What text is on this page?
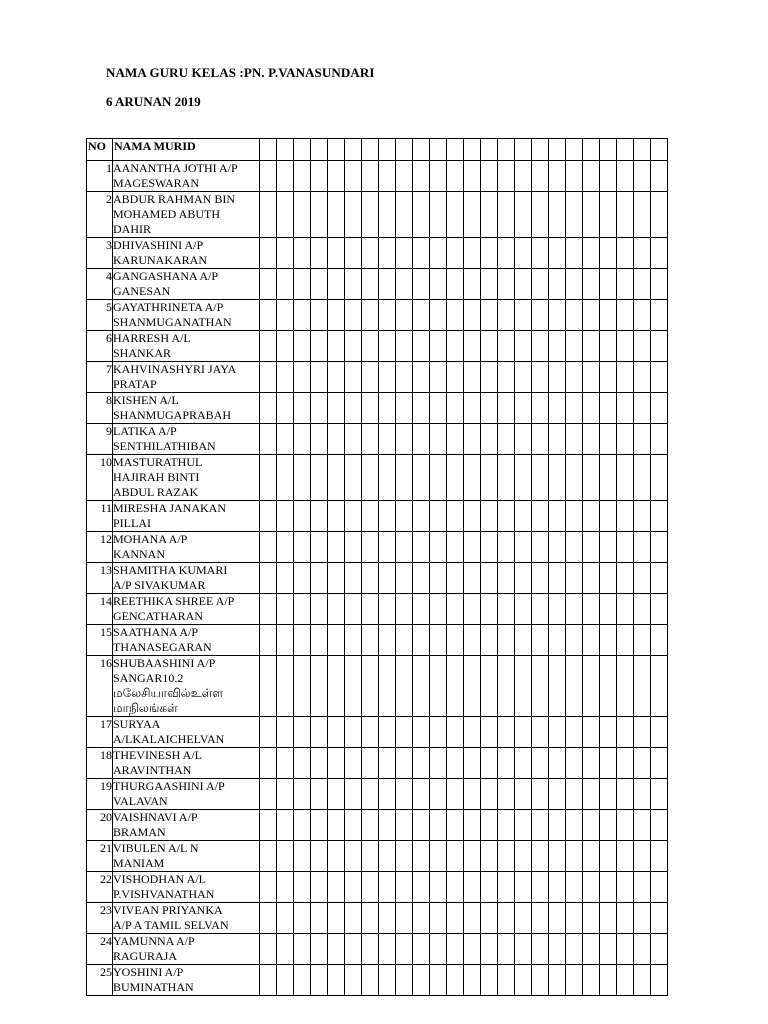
NAMA GURU KELAS :PN. P.VANASUNDARI
6 ARUNAN 2019
NO	NAMA MURID																								
1	AANANTHA JOTHI A/P
MAGESWARAN																								

2	ABDUR RAHMAN BIN
MOHAMED ABUTH
DAHIR																								

3	DHIVASHINI A/P
KARUNAKARAN																								

4	GANGASHANA A/P
GANESAN																								

5	GAYATHRINETA A/P
SHANMUGANATHAN																								

6	HARRESH A/L
SHANKAR																								

7	KAHVINASHYRI JAYA
PRATAP																								

8	KISHEN A/L
SHANMUGAPRABAH																								

9	LATIKA A/P
SENTHILATHIBAN																								

10	MASTURATHUL
HAJIRAH BINTI
ABDUL RAZAK																								

11	MIRESHA JANAKAN
PILLAI																								

12	MOHANA A/P
KANNAN																								

13	SHAMITHA KUMARI
A/P SIVAKUMAR																								

14	REETHIKA SHREE A/P
GENCATHARAN																								

15	SAATHANA A/P
THANASEGARAN																								

16	SHUBAASHINI A/P
SANGAR10.2
மலேசியாவில்உள்ள
மாநிலங்கள்																								

17	SURYAA
A/LKALAICHELVAN																								

18	THEVINESH A/L
ARAVINTHAN																								

19	THURGAASHINI A/P
VALAVAN																								

20	VAISHNAVI A/P
BRAMAN																								

21	VIBULEN A/L N
MANIAM																								

22	VISHODHAN A/L
P.VISHVANATHAN																								

23	VIVEAN PRIYANKA
A/P A TAMIL SELVAN																								

24	YAMUNNA A/P
RAGURAJA																								

25	YOSHINI A/P
BUMINATHAN																								
